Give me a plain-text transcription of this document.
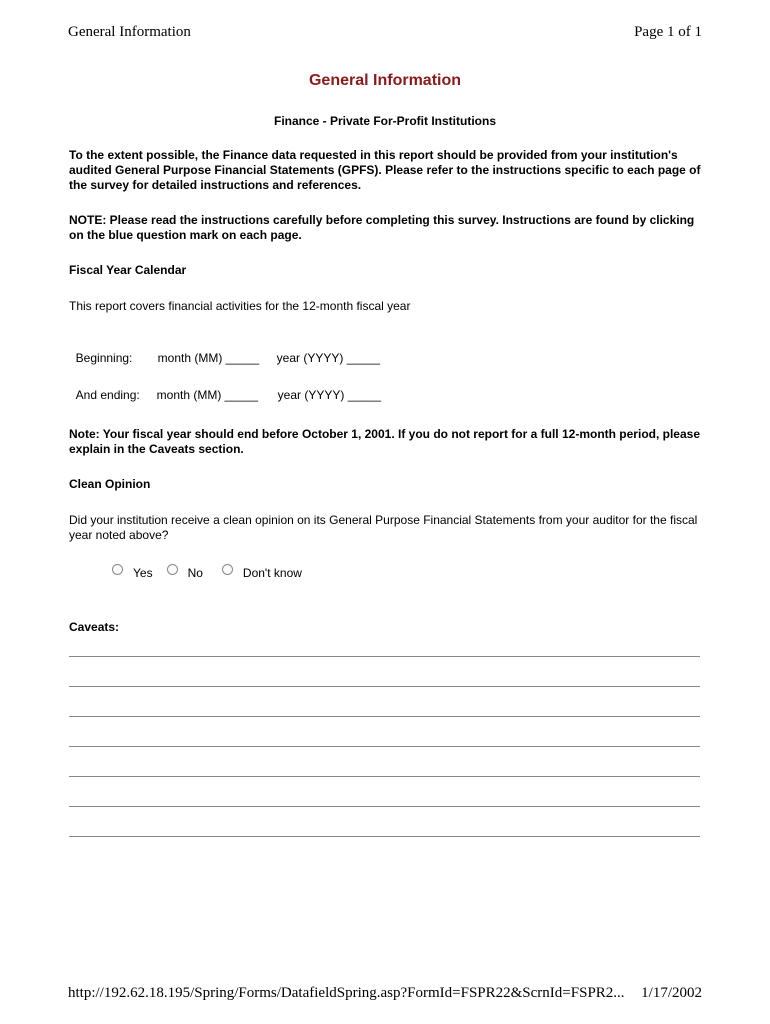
General Information	Page 1 of 1
General Information
Finance - Private For-Profit Institutions
To the extent possible, the Finance data requested in this report should be provided from your institution's audited General Purpose Financial Statements (GPFS). Please refer to the instructions specific to each page of the survey for detailed instructions and references.
NOTE: Please read the instructions carefully before completing this survey. Instructions are found by clicking on the blue question mark on each page.
Fiscal Year Calendar
This report covers financial activities for the 12-month fiscal year

Beginning: month (MM) _____ year (YYYY) _____

And ending: month (MM) _____ year (YYYY) _____

Note: Your fiscal year should end before October 1, 2001. If you do not report for a full 12-month period, please explain in the Caveats section.
Clean Opinion
Did your institution receive a clean opinion on its General Purpose Financial Statements from your auditor for the fiscal year noted above?
Yes	No	Don't know
Caveats:
http://192.62.18.195/Spring/Forms/DatafieldSpring.asp?FormId=FSPR22&ScrnId=FSPR2... 1/17/2002
